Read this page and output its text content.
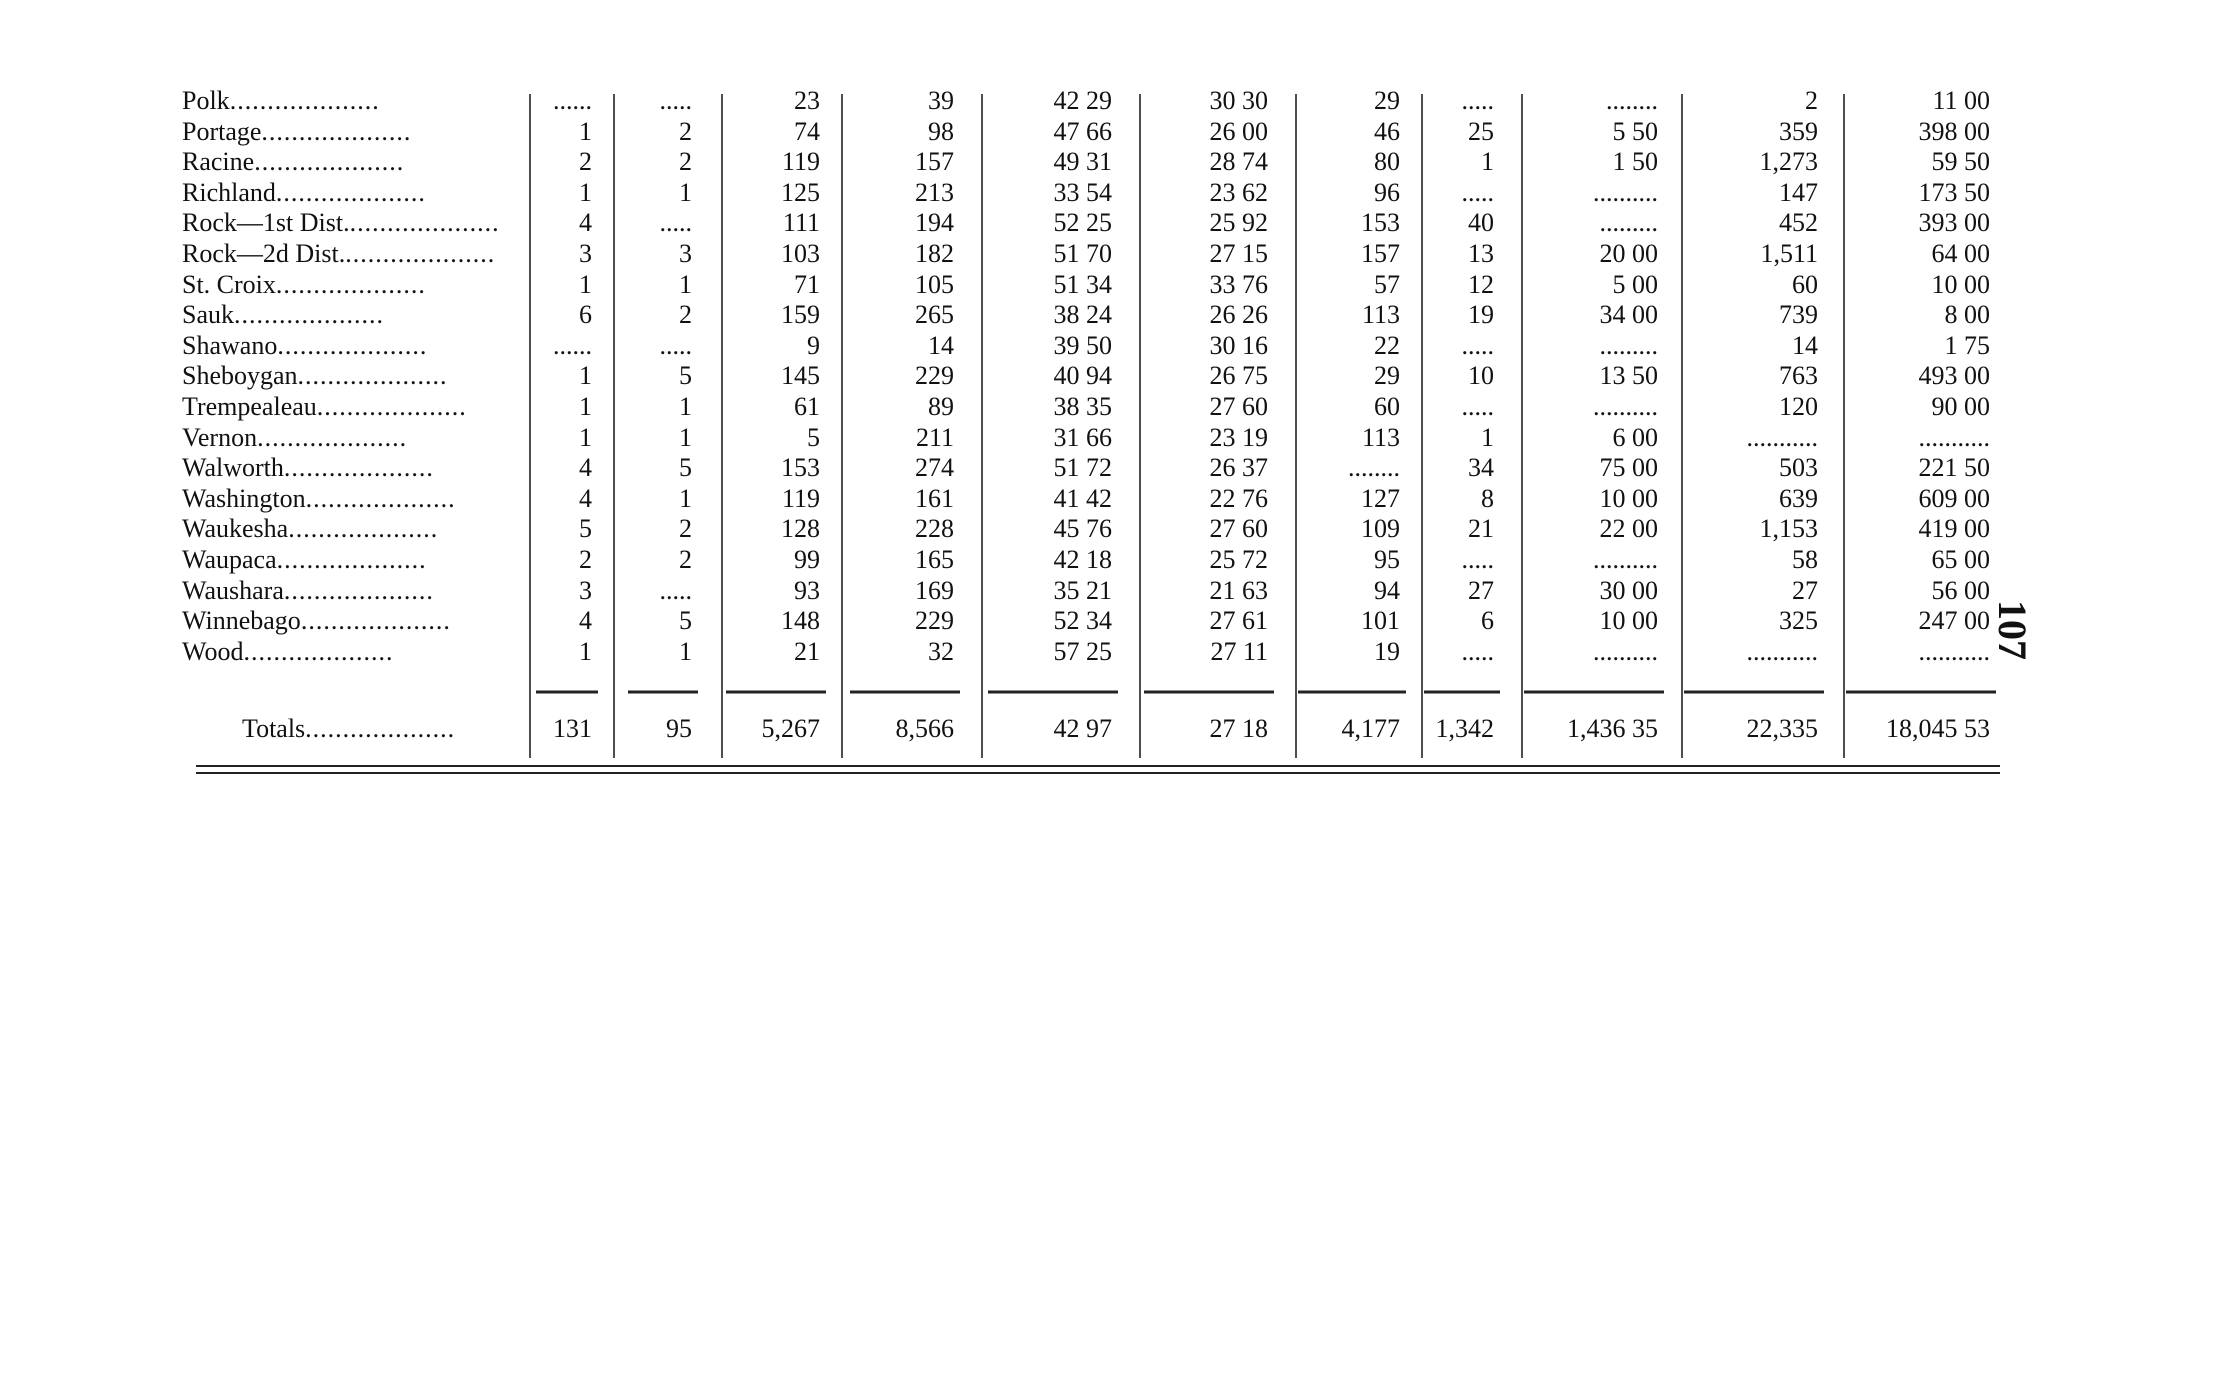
Polk....................	......	.....	23	39	42 29	30 30	29	.....	........	2	11 00
Portage....................	1	2	74	98	47 66	26 00	46	25	5 50	359	398 00
Racine....................	2	2	119	157	49 31	28 74	80	1	1 50	1,273	59 50
Richland....................	1	1	125	213	33 54	23 62	96	.....	..........	147	173 50
Rock—1st Dist.....................	4	.....	111	194	52 25	25 92	153	40	.........	452	393 00
Rock—2d Dist.....................	3	3	103	182	51 70	27 15	157	13	20 00	1,511	64 00
St. Croix....................	1	1	71	105	51 34	33 76	57	12	5 00	60	10 00
Sauk....................	6	2	159	265	38 24	26 26	113	19	34 00	739	8 00
Shawano....................	......	.....	9	14	39 50	30 16	22	.....	.........	14	1 75
Sheboygan....................	1	5	145	229	40 94	26 75	29	10	13 50	763	493 00
Trempealeau....................	1	1	61	89	38 35	27 60	60	.....	..........	120	90 00
Vernon....................	1	1	5	211	31 66	23 19	113	1	6 00	...........	...........
Walworth....................	4	5	153	274	51 72	26 37	........	34	75 00	503	221 50
Washington....................	4	1	119	161	41 42	22 76	127	8	10 00	639	609 00
Waukesha....................	5	2	128	228	45 76	27 60	109	21	22 00	1,153	419 00
Waupaca....................	2	2	99	165	42 18	25 72	95	.....	..........	58	65 00
Waushara....................	3	.....	93	169	35 21	21 63	94	27	30 00	27	56 00
Winnebago....................	4	5	148	229	52 34	27 61	101	6	10 00	325	247 00
Wood....................	1	1	21	32	57 25	27 11	19	.....	..........	...........	...........
Totals....................	131	95	5,267	8,566	42 97	27 18	4,177	1,342	1,436 35	22,335	18,045 53
107
